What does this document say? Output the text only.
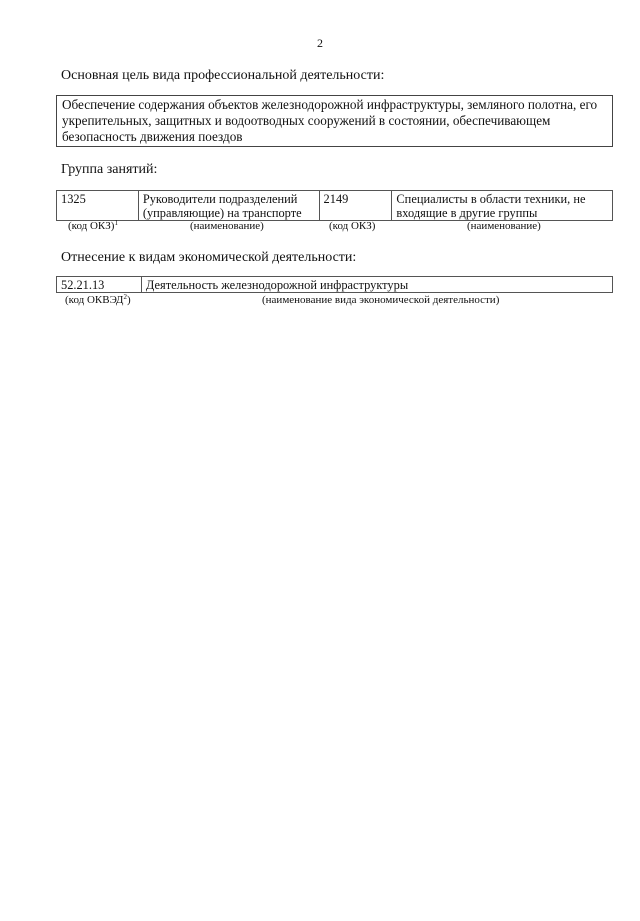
2
Основная цель вида профессиональной деятельности:
Обеспечение содержания объектов железнодорожной инфраструктуры, земляного полотна, его укрепительных, защитных и водоотводных сооружений в состоянии, обеспечивающем безопасность движения поездов
Группа занятий:
1325	Руководители подразделений (управляющие) на транспорте	2149	Специалисты в области техники, не входящие в другие группы
(код ОКЗ)$^1$	(наименование)	(код ОКЗ)	(наименование)
Отнесение к видам экономической деятельности:
52.21.13	Деятельность железнодорожной инфраструктуры
(код ОКВЭД$^2$)	(наименование вида экономической деятельности)
